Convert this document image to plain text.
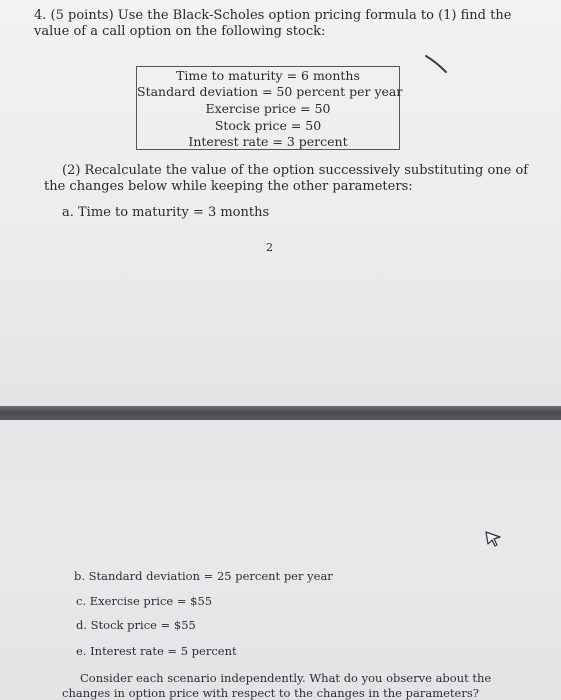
4. (5 points) Use the Black-Scholes option pricing formula to (1) find the

value of a call option on the following stock:

Time to maturity = 6 months
Standard deviation = 50 percent per year
Exercise price = 50
Stock price = 50
Interest rate = 3 percent

(2) Recalculate the value of the option successively substituting one of

the changes below while keeping the other parameters:

a. Time to maturity = 3 months

2

b. Standard deviation = 25 percent per year

c. Exercise price = $55

d. Stock price = $55

e. Interest rate = 5 percent

Consider each scenario independently. What do you observe about the

changes in option price with respect to the changes in the parameters?
